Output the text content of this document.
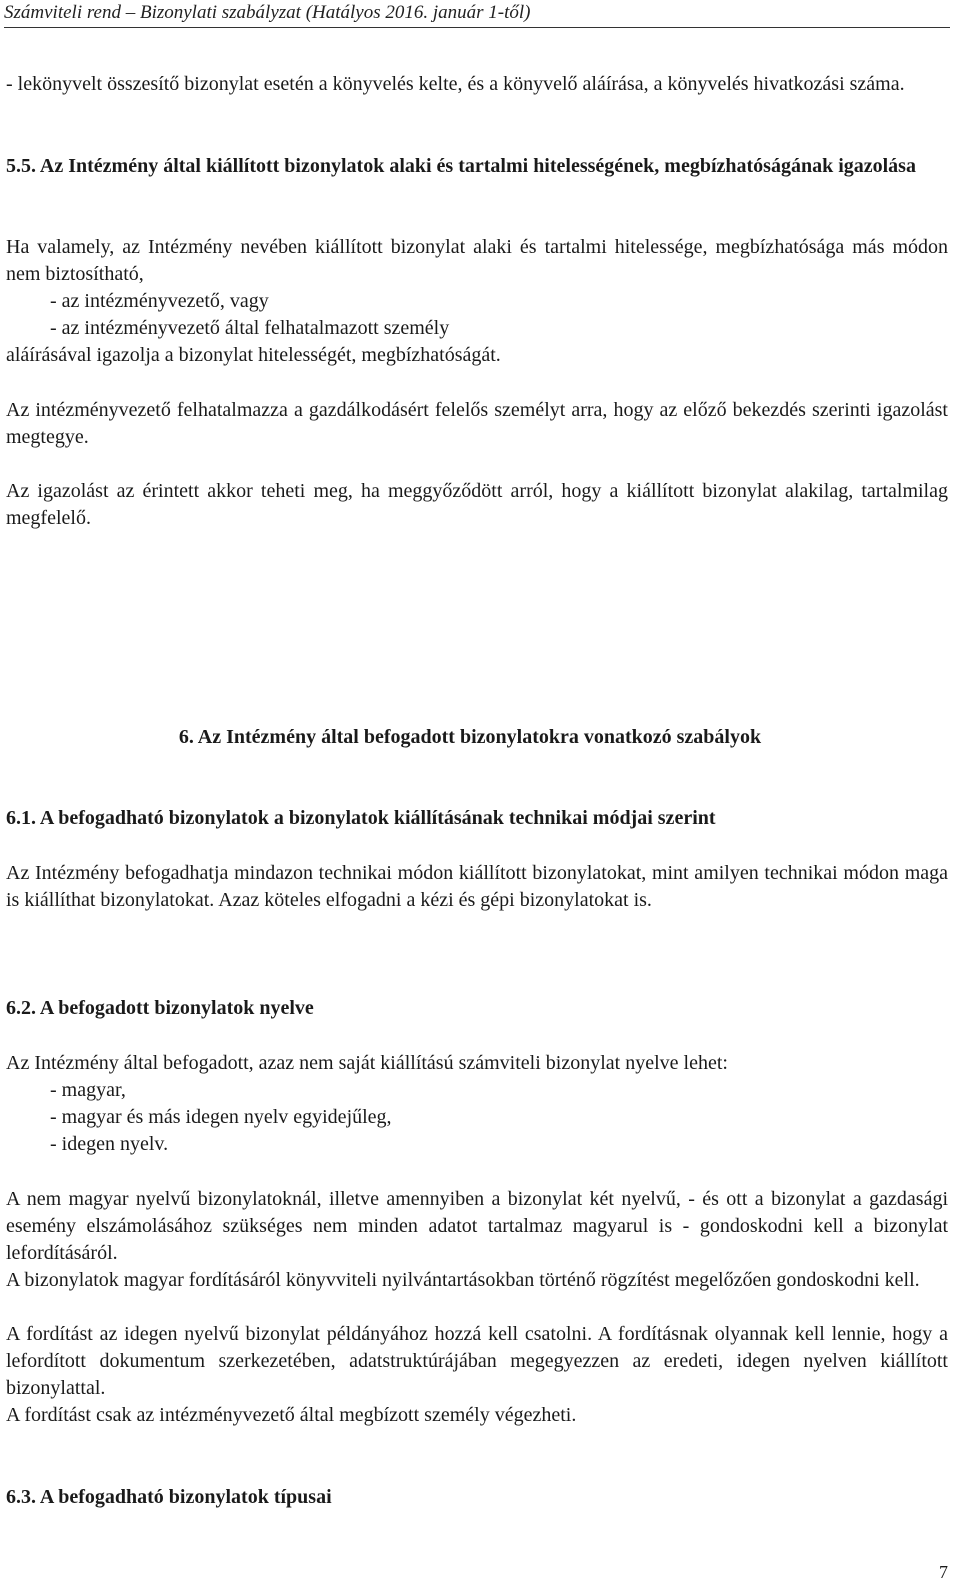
Számviteli rend – Bizonylati szabályzat (Hatályos 2016. január 1-től)

- lekönyvelt összesítő bizonylat esetén a könyvelés kelte, és a könyvelő aláírása, a könyvelés hivatkozási száma.

5.5. Az Intézmény által kiállított bizonylatok alaki és tartalmi hitelességének, megbízhatóságának igazolása

Ha valamely, az Intézmény nevében kiállított bizonylat alaki és tartalmi hitelessége, megbízhatósága más módon nem biztosítható,

- az intézményvezető, vagy
- az intézményvezető által felhatalmazott személy

aláírásával igazolja a bizonylat hitelességét, megbízhatóságát.

Az intézményvezető felhatalmazza a gazdálkodásért felelős személyt arra, hogy az előző bekezdés szerinti igazolást megtegye.

Az igazolást az érintett akkor teheti meg, ha meggyőződött arról, hogy a kiállított bizonylat alakilag, tartalmilag megfelelő.

6. Az Intézmény által befogadott bizonylatokra vonatkozó szabályok

6.1. A befogadható bizonylatok a bizonylatok kiállításának technikai módjai szerint

Az Intézmény befogadhatja mindazon technikai módon kiállított bizonylatokat, mint amilyen technikai módon maga is kiállíthat bizonylatokat. Azaz köteles elfogadni a kézi és gépi bizonylatokat is.

6.2. A befogadott bizonylatok nyelve

Az Intézmény által befogadott, azaz nem saját kiállítású számviteli bizonylat nyelve lehet:

- magyar,
- magyar és más idegen nyelv egyidejűleg,
- idegen nyelv.

A nem magyar nyelvű bizonylatoknál, illetve amennyiben a bizonylat két nyelvű, - és ott a bizonylat a gazdasági esemény elszámolásához szükséges nem minden adatot tartalmaz magyarul is - gondoskodni kell a bizonylat lefordításáról.

A bizonylatok magyar fordításáról könyvviteli nyilvántartásokban történő rögzítést megelőzően gondoskodni kell.

A fordítást az idegen nyelvű bizonylat példányához hozzá kell csatolni. A fordításnak olyannak kell lennie, hogy a lefordított dokumentum szerkezetében, adatstruktúrájában megegyezzen az eredeti, idegen nyelven kiállított bizonylattal.

A fordítást csak az intézményvezető által megbízott személy végezheti.

6.3. A befogadható bizonylatok típusai

7
